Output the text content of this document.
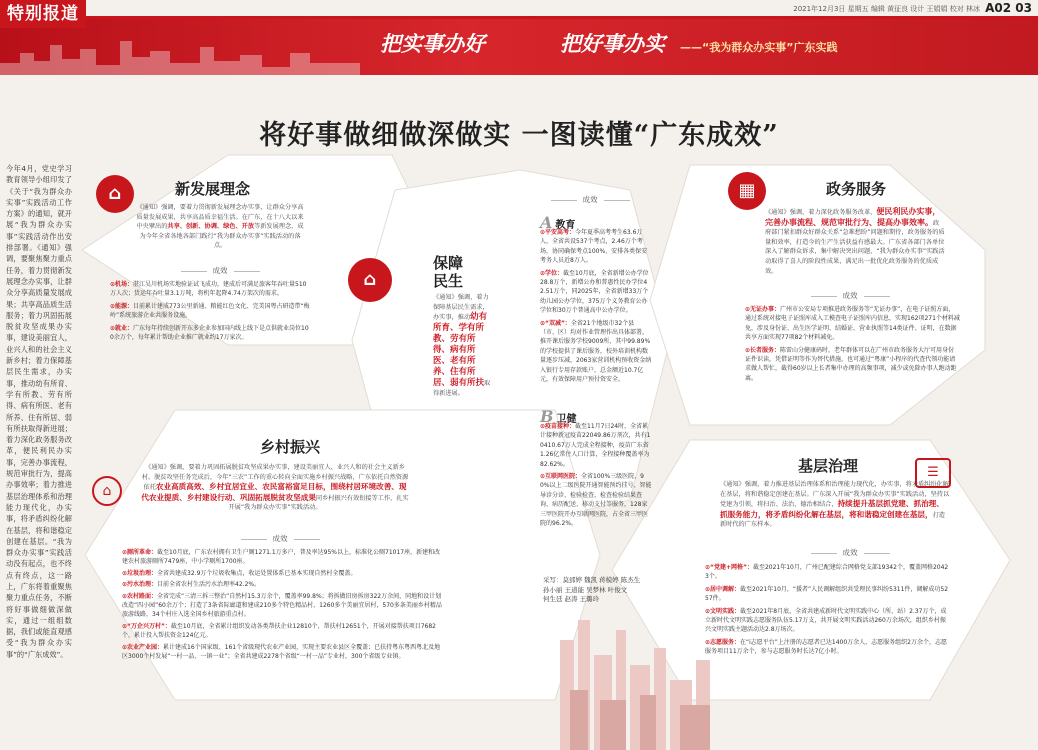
把实事办好	把好事办实 ——“我为群众办实事”广东实践
特别报道	2021年12月3日 星期五 编辑 黄征良 设计 王娟娟 校对 林冰 A02 03
将好事做细做深做实 一图读懂“广东成效”
今年4月，党史学习教育领导小组印发了《关于“我为群众办实事”实践活动工作方案》的通知，就开展“我为群众办实事”实践活动作出安排部署。《通知》强调，要聚焦聚力重点任务，着力贯彻新发展理念办实事，让群众分享高质量发展成果；共享高品质生活服务；着力巩固拓展脱贫攻坚成果办实事，建设美丽宜人，业兴人和的社会主义新乡村；着力保障基层民生需求，办实事，推动幼有所育、学有所教、劳有所得、病有所医、老有所养、住有所居、弱有所扶取得新进展；着力深化政务服务改革，便民利民办实事，完善办事流程，规范审批行为，提高办事效率；着力推进基层治理体系和治理能力现代化，办实事，将矛盾纠纷化解在基层，将和谐稳定创建在基层。“我为群众办实事”实践活动没有起点，也不终点有终点，这一路上，广东将着重聚焦聚力重点任务，不断将好事做细做深做实，通过一组组数据，我们或能直观感受“我为群众办实事”的“广东成效”。
⌂	新发展理念
《通知》强调，要着力贯彻新发展理念办实事，让群众分享高质量发展成果，共享高品质幸福生活。在广东，在十八大以来中央擘出的共享、创新、协调、绿色、开放等新发展理念，成为今年全省各地各部门践行“我为群众办实事”实践活动的落点。
成效
⊙机场：湛江吴川机场实地验证试飞成功，建成后可满足旅客年吞吐量510万人次；货运年吞吐量3.1万吨，将机年起降4.74万架次的需求。
⊙能源：目前累计建成773公里新通、粮能红色文化、完美国粤占研造带“梅岭”系统旅游企业共服务设施。
⊙就业：广东每年持续创新开东多企业参加国内线上线下是点供就业岗位100余万个，每年累计帮助企业推广就业约17万家次。
⌂
保障
民生
《通知》强调，着力保障基层民生需求，办实事，推动幼有所育、学有所教、劳有所得、病有所医、老有所养、住有所居、弱有所扶取得新进展。
成效
A教育
⊙平安高考：今年夏季高考考生63.6万人，全省共设537个考点，2.46万个考场，协同确保考点100%、安排各类保安考务人员近8万人。
⊙学位：截至10月底，全省新增公办学位28.8万个，新增公办和普惠性民办学位42.51万个，同2025年，全省新增33万个幼儿园公办学位，375万个义务教育公办学位和30万个普通高中公办学位。
⊙“双减”：全省21个地级市32个县（市、区）均对作业管理作出具体部署，推开课后服务学校9009所，其中99.89%的学校提供了课后服务，校外培训机构数量逐步压减，2063家营训机构预收资金纳入银行专用存款账户，总金额近10.7亿元，有效保障用户预付资安全。
B卫健
⊙疫苗接种：截至11月7日24时，全省累计接种新冠疫苗22049.86万剂次，共有10410.67万人完成全程接种，疫苗广东省1.26亿常住人口计算，全程接种覆盖率为82.62%。
⊙互联网医院：全省100%三级医院、90%以上二级医院开通智能预约挂号、智能导诊分诊、检验检查、检查检验结果查询、病历配送、移动支付等服务，128家三甲医院开办互联网医院，占全省三甲医院的96.2%。
采写：莫郅婷 魏凯 蒋模婷 陈杰生
孙小丽 王道能 吴梦林 叶俊文
何生廷 赵涛 王璐玲
▦	政务服务
《通知》强调，着力深化政务服务改革，便民利民办实事，完善办事流程、规范审批行为、提高办事效率。政府部门紧扣群众好群众关系“急难愁盼”问题和期待，政务服务的质量和效率，打造今的生产生活获益有感最大。广东省各部门各单位深入了解群众诉求，集中解决突出问题，“我为群众办实事”实践活动取得了喜人的阶段性成果，满足出一批优化政务服务的优质成效。
成效
⊙无证办事：广州市公安局专项推进政务服务等“无证办事”，在电子证照方面，通过系统对接电子证照库成入工模查电子证照库内信息，实现162项271个材料减免，涉及身份证、出生医学证明、结婚证、营业执照等14类证件、证明，在数据共享方面实现77项82个材料减免。
⊙长者服务：陈雷山分健康码时，老年群体可以在广州市政务服务大厅可用身份证件识读，凭借证明等作为替代措施，也可通过“粤康”小程序的代查代领功能请求做人帮忙，截得60岁以上长者集中办理的高频事项，减少或免除办事人跑动距离。
⌂
乡村振兴
《通知》强调，要着力巩固拓展脱贫攻坚成果办实事，建设美丽宜人、业兴人和的社会主义新乡村。脱贫攻坚任务完成后，今年“三农”工作的重心转向全面实施乡村振兴战略，广东依托自然资源依托农业高质高效、乡村宜居宜业、农民富裕富足目标，围绕村居环境改善、现代农业提质、乡村建设行动、巩固拓展脱贫攻坚成果同乡村振兴有效衔接等工作，扎实开展“我为群众办实事”实践活动。
成效
⊙厕所革命：截至10月底，广东农村拥有卫生户厕1271.1万多户，普及率达95%以上，标准化公厕71017座，新建和改建农村旅游厕所7479座，中小学厕所1700座。
⊙垃圾治理：全省共建成32.9万个垃圾收集点，收运处置体系已基本实现自然村全覆盖。
⊙污水治理：目前全省农村生活污水治理率42.2%。
⊙农村路面：全省完成“三清三拆三整治”自然村15.3万余个，覆盖率99.8%；将拆做旧房拆房322万余间，同地和设计划改造“四小园”60余万个；打造了3条省际廊道和建成210多个特色精品村，1260多个美丽宜居村，570多条美丽乡村精品旅游线路，34个村庄入选全国乡村旅游重点村。
⊙“万企兴万村”：截至10月底，全省累计组织发动各类帮扶企业12810个，帮扶村12651个，开展对接帮扶项目7682个，累计投入帮扶资金124亿元。
⊙农业产业园：累计建成16个国家级、161个省级现代农业产业园，实现主要农业县区全覆盖；已扶持粤东粤西粤北及地区3000个村发展“一村一品、一镇一业”；全省共建成2278个省级“一村一品”专业村，300个省级专业镇。
基层治理	☰
《通知》强调，着力推进基层治理体系和治理能力现代化，办实事，将矛盾纠纷化解在基层，将和谐稳定创建在基层。广东深入开展“我为群众办实事”实践活动，坚持以党建为引领，将扫治、法治、德治相结合，持续提升基层抓党建、抓治理、抓服务能力，将矛盾纠纷化解在基层，将和谐稳定创建在基层，打造新时代的广东样本。
成效
⊙“党建+网格”：截至2021年10月，广州已配建综合网格党支部19342个，覆盖网格20423个。
⊙居中调解：截至2021年10月，“援者”人民调解组织共受理民事纠纷5311件，调解成功5257件。
⊙文明实践：截至2021年8月底，全省共建成新时代文明实践中心（所、站）2.37万个，成立新时代文明实践志愿服务队伍5.17万支，共开展文明实践活动260万余场次，组织乡村振兴文明实践主题活动达2.8万场次。
⊙志愿服务：在“i志愿平台”上注册的志愿者已达1400万余人，志愿服务组织2万余个，志愿服务项目11万余个，参与志愿服务时长达7亿小时。
